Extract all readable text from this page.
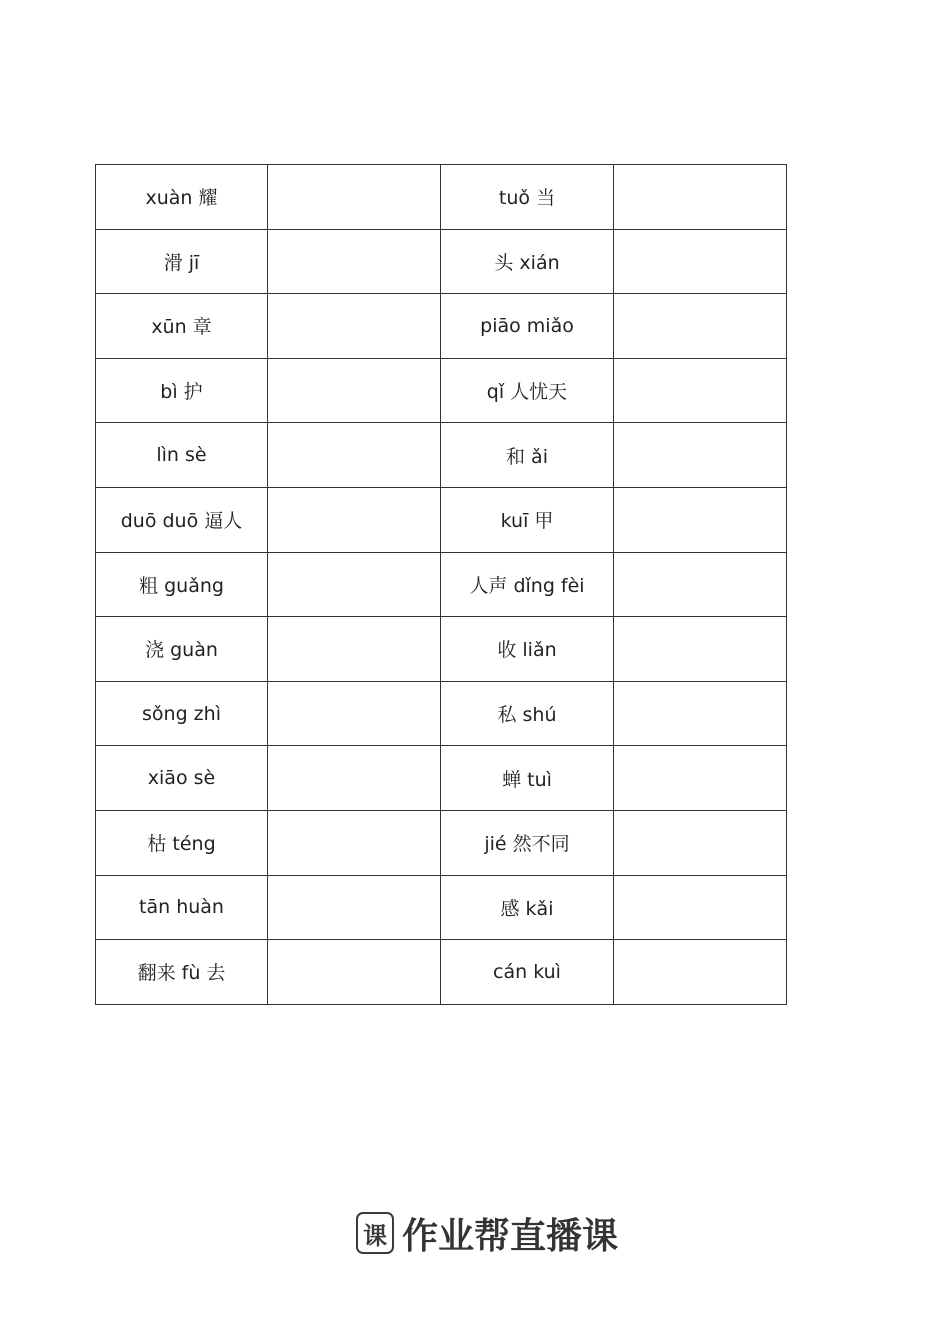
xuàn 耀		tuǒ 当	
滑 jī		头 xián	
xūn 章		piāo miǎo	
bì 护		qǐ 人忧天	
lìn sè		和 ǎi	
duō duō 逼人		kuī 甲	
粗 guǎng		人声 dǐng fèi	
浇 guàn		收 liǎn	
sǒng zhì		私 shú	
xiāo sè		蝉 tuì	
枯 téng		jié 然不同	
tān huàn		感 kǎi	
翻来 fù 去		cán kuì	
课 作业帮直播课
